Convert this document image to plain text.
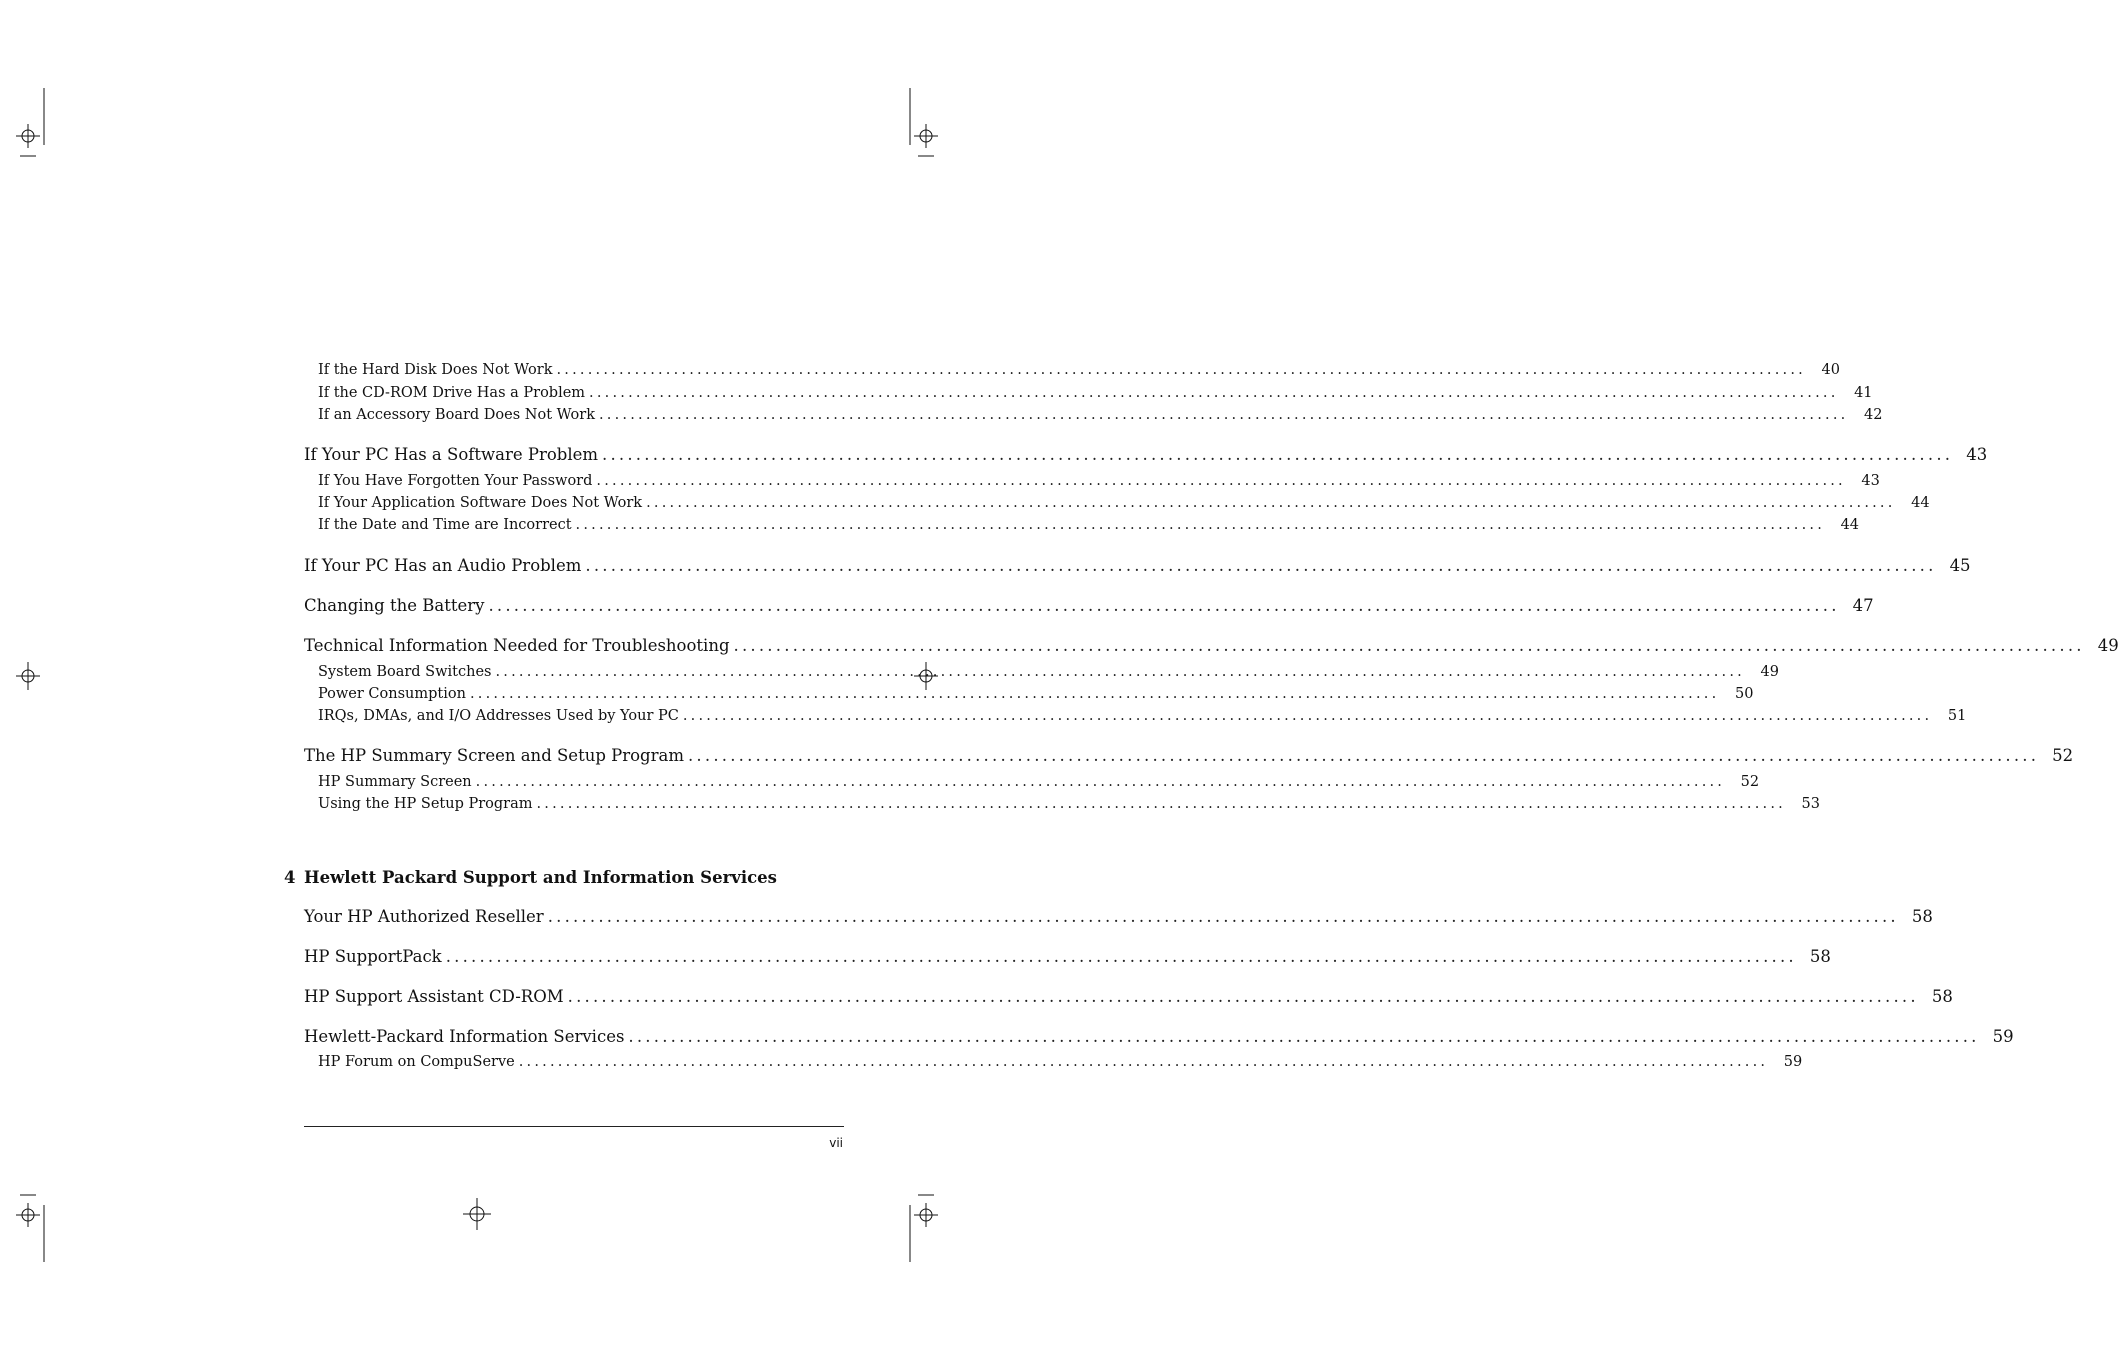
If the Hard Disk Does Not Work ................................................................................................................................................................	40
If the CD-ROM Drive Has a Problem ................................................................................................................................................................	41
If an Accessory Board Does Not Work ................................................................................................................................................................	42
If Your PC Has a Software Problem ................................................................................................................................................................ 43
If You Have Forgotten Your Password ................................................................................................................................................................	43
If Your Application Software Does Not Work ................................................................................................................................................................	44
If the Date and Time are Incorrect ................................................................................................................................................................	44
If Your PC Has an Audio Problem ................................................................................................................................................................ 45
Changing the Battery ................................................................................................................................................................ 47
Technical Information Needed for Troubleshooting ................................................................................................................................................................ 49
System Board Switches ................................................................................................................................................................	49
Power Consumption ................................................................................................................................................................	50
IRQs, DMAs, and I/O Addresses Used by Your PC ................................................................................................................................................................	51
The HP Summary Screen and Setup Program ................................................................................................................................................................ 52
HP Summary Screen ................................................................................................................................................................	52
Using the HP Setup Program ................................................................................................................................................................	53
4 Hewlett Packard Support and Information Services
Your HP Authorized Reseller ................................................................................................................................................................ 58
HP SupportPack ................................................................................................................................................................ 58
HP Support Assistant CD-ROM ................................................................................................................................................................ 58
Hewlett-Packard Information Services ................................................................................................................................................................ 59
HP Forum on CompuServe ................................................................................................................................................................	59
vii
